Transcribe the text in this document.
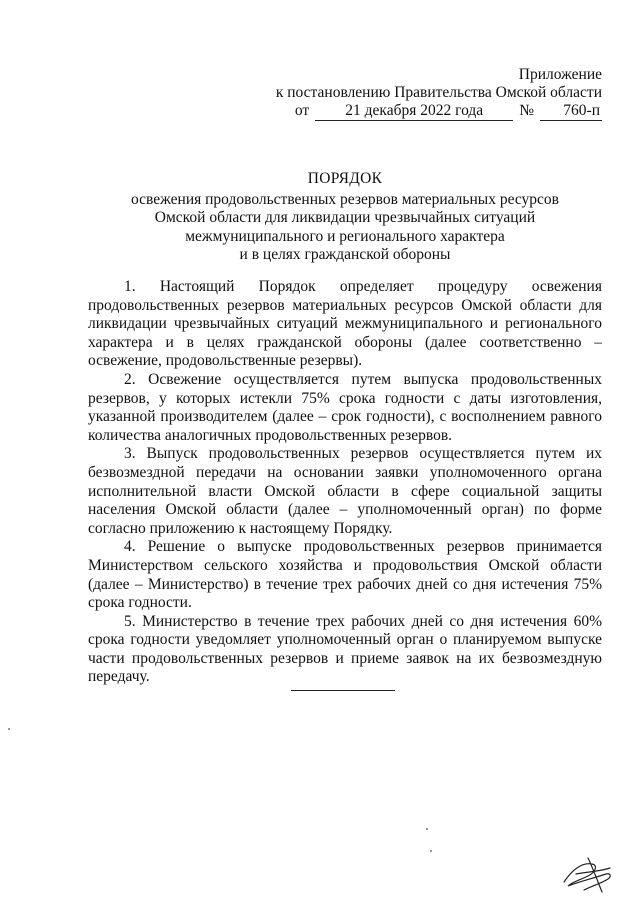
Приложение
к постановлению Правительства Омской области
от	21 декабря 2022 года	№	760-п
ПОРЯДОК
освежения продовольственных резервов материальных ресурсов
Омской области для ликвидации чрезвычайных ситуаций
межмуниципального и регионального характера
и в целях гражданской обороны

1. Настоящий Порядок определяет процедуру освежения продовольственных резервов материальных ресурсов Омской области для ликвидации чрезвычайных ситуаций межмуниципального и регионального характера и в целях гражданской обороны (далее соответственно – освежение, продовольственные резервы).

2. Освежение осуществляется путем выпуска продовольственных резервов, у которых истекли 75% срока годности с даты изготовления, указанной производителем (далее – срок годности), с восполнением равного количества аналогичных продовольственных резервов.

3. Выпуск продовольственных резервов осуществляется путем их безвозмездной передачи на основании заявки уполномоченного органа исполнительной власти Омской области в сфере социальной защиты населения Омской области (далее – уполномоченный орган) по форме согласно приложению к настоящему Порядку.

4. Решение о выпуске продовольственных резервов принимается Министерством сельского хозяйства и продовольствия Омской области (далее – Министерство) в течение трех рабочих дней со дня истечения 75% срока годности.

5. Министерство в течение трех рабочих дней со дня истечения 60% срока годности уведомляет уполномоченный орган о планируемом выпуске части продовольственных резервов и приеме заявок на их безвозмездную передачу.
